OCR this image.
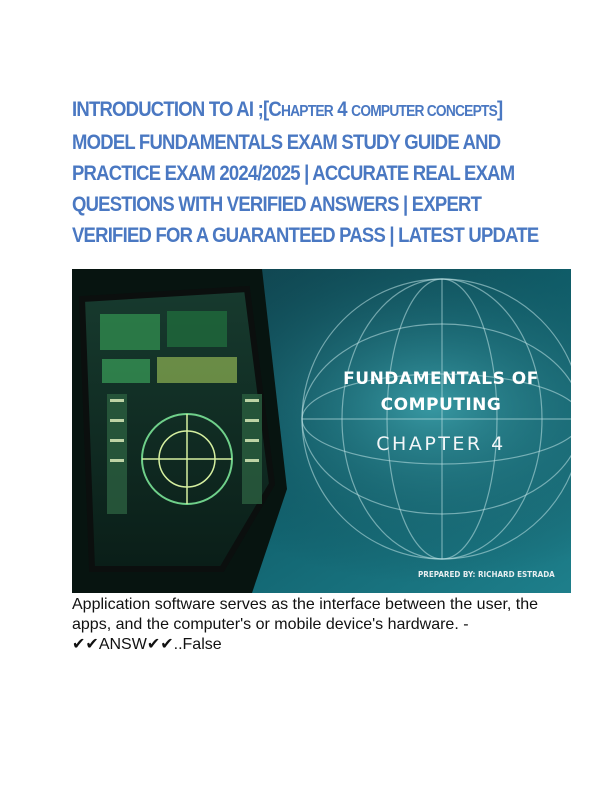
INTRODUCTION TO AI ;[CHAPTER 4 COMPUTER CONCEPTS] MODEL FUNDAMENTALS EXAM STUDY GUIDE AND PRACTICE EXAM 2024/2025 | ACCURATE REAL EXAM QUESTIONS WITH VERIFIED ANSWERS | EXPERT VERIFIED FOR A GUARANTEED PASS | LATEST UPDATE
FUNDAMENTALS OF
COMPUTING
CHAPTER 4
PREPARED BY: RICHARD ESTRADA
Application software serves as the interface between the user, the apps, and the computer's or mobile device's hardware. - ✔✔ANSW✔✔..False
